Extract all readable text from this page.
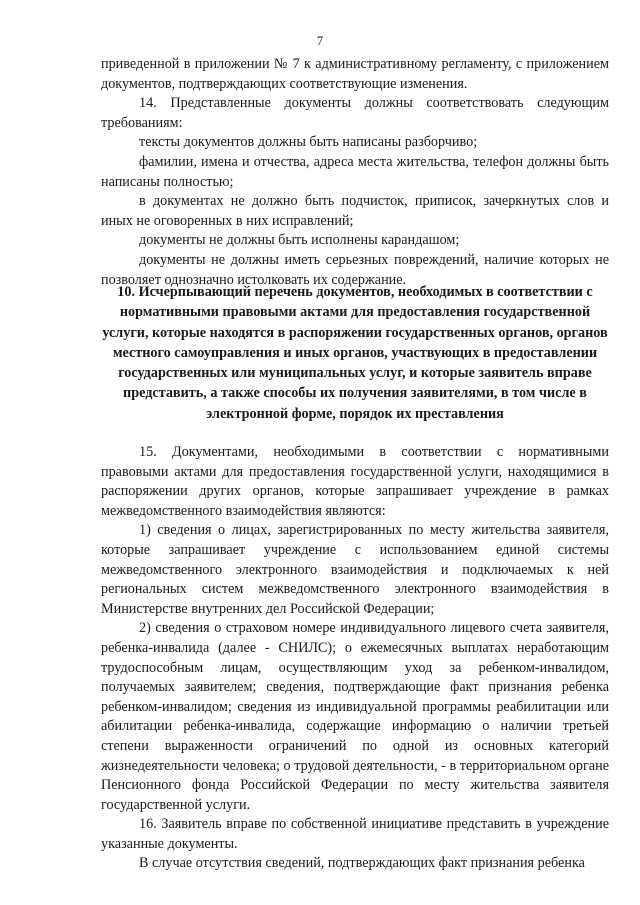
7

приведенной в приложении № 7 к административному регламенту, с приложением документов, подтверждающих соответствующие изменения.

14. Представленные документы должны соответствовать следующим требованиям:

тексты документов должны быть написаны разборчиво;

фамилии, имена и отчества, адреса места жительства, телефон должны быть написаны полностью;

в документах не должно быть подчисток, приписок, зачеркнутых слов и иных не оговоренных в них исправлений;

документы не должны быть исполнены карандашом;

документы не должны иметь серьезных повреждений, наличие которых не позволяет однозначно истолковать их содержание.

10. Исчерпывающий перечень документов, необходимых в соответствии с нормативными правовыми актами для предоставления государственной услуги, которые находятся в распоряжении государственных органов, органов местного самоуправления и иных органов, участвующих в предоставлении государственных или муниципальных услуг, и которые заявитель вправе представить, а также способы их получения заявителями, в том числе в электронной форме, порядок их преставления

15. Документами, необходимыми в соответствии с нормативными правовыми актами для предоставления государственной услуги, находящимися в распоряжении других органов, которые запрашивает учреждение в рамках межведомственного взаимодействия являются:

1) сведения о лицах, зарегистрированных по месту жительства заявителя, которые запрашивает учреждение с использованием единой системы межведомственного электронного взаимодействия и подключаемых к ней региональных систем межведомственного электронного взаимодействия в Министерстве внутренних дел Российской Федерации;

2) сведения о страховом номере индивидуального лицевого счета заявителя, ребенка-инвалида (далее - СНИЛС); о ежемесячных выплатах неработающим трудоспособным лицам, осуществляющим уход за ребенком-инвалидом, получаемых заявителем; сведения, подтверждающие факт признания ребенка ребенком-инвалидом; сведения из индивидуальной программы реабилитации или абилитации ребенка-инвалида, содержащие информацию о наличии третьей степени выраженности ограничений по одной из основных категорий жизнедеятельности человека; о трудовой деятельности, - в территориальном органе Пенсионного фонда Российской Федерации по месту жительства заявителя государственной услуги.

16. Заявитель вправе по собственной инициативе представить в учреждение указанные документы.

В случае отсутствия сведений, подтверждающих факт признания ребенка
